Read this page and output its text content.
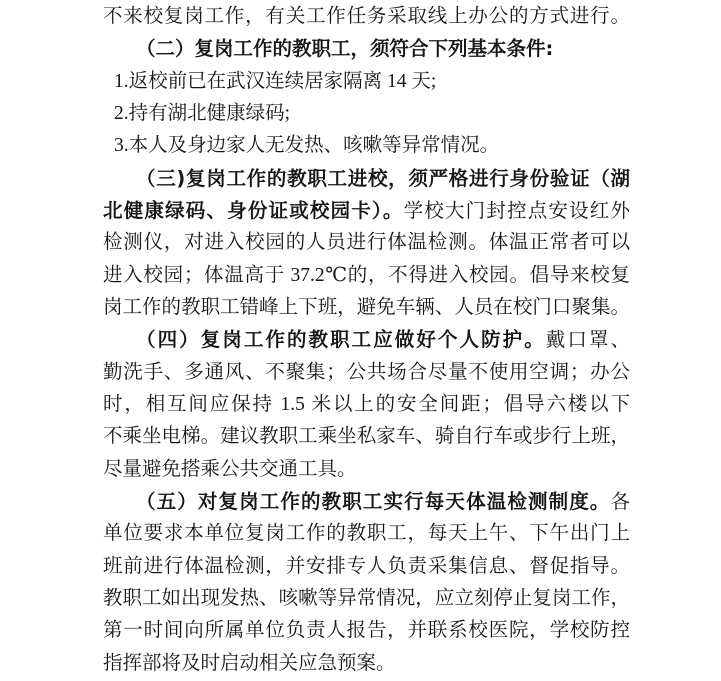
不来校复岗工作，有关工作任务采取线上办公的方式进行。
（二）复岗工作的教职工，须符合下列基本条件:
1.返校前已在武汉连续居家隔离 14 天;
2.持有湖北健康绿码;
3.本人及身边家人无发热、咳嗽等异常情况。
（三)复岗工作的教职工进校，须严格进行身份验证（湖
北健康绿码、身份证或校园卡）。学校大门封控点安设红外
检测仪，对进入校园的人员进行体温检测。体温正常者可以
进入校园；体温高于 37.2℃的，不得进入校园。倡导来校复
岗工作的教职工错峰上下班，避免车辆、人员在校门口聚集。
（四）复岗工作的教职工应做好个人防护。戴口罩、
勤洗手、多通风、不聚集；公共场合尽量不使用空调；办公
时，相互间应保持 1.5 米以上的安全间距；倡导六楼以下
不乘坐电梯。建议教职工乘坐私家车、骑自行车或步行上班，
尽量避免搭乘公共交通工具。
（五）对复岗工作的教职工实行每天体温检测制度。各
单位要求本单位复岗工作的教职工，每天上午、下午出门上
班前进行体温检测，并安排专人负责采集信息、督促指导。
教职工如出现发热、咳嗽等异常情况，应立刻停止复岗工作，
第一时间向所属单位负责人报告，并联系校医院，学校防控
指挥部将及时启动相关应急预案。
